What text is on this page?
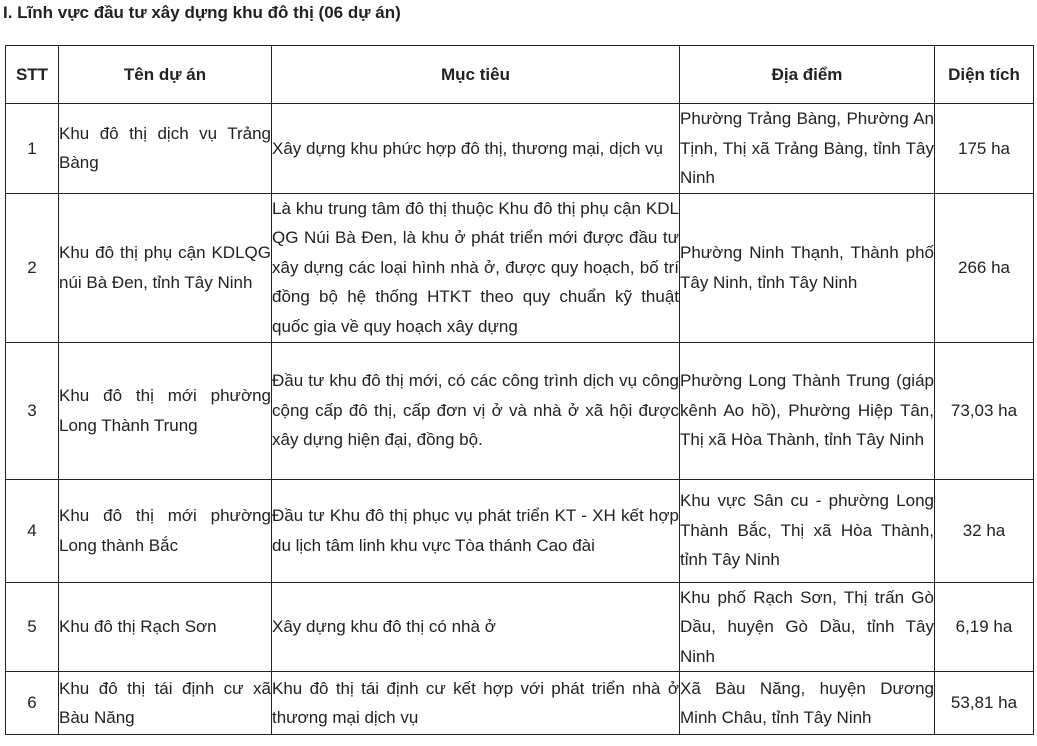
I. Lĩnh vực đầu tư xây dựng khu đô thị (06 dự án)
STT	Tên dự án	Mục tiêu	Địa điểm	Diện tích
1	Khu đô thị dịch vụ Trảng Bàng	Xây dựng khu phức hợp đô thị, thương mại, dịch vụ	Phường Trảng Bàng, Phường An Tịnh, Thị xã Trảng Bàng, tỉnh Tây Ninh	175 ha
2	Khu đô thị phụ cận KDLQG núi Bà Đen, tỉnh Tây Ninh	Là khu trung tâm đô thị thuộc Khu đô thị phụ cận KDL QG Núi Bà Đen, là khu ở phát triển mới được đầu tư xây dựng các loại hình nhà ở, được quy hoạch, bố trí đồng bộ hệ thống HTKT theo quy chuẩn kỹ thuật quốc gia về quy hoạch xây dựng	Phường Ninh Thạnh, Thành phố Tây Ninh, tỉnh Tây Ninh	266 ha
3	Khu đô thị mới phường Long Thành Trung	Đầu tư khu đô thị mới, có các công trình dịch vụ công cộng cấp đô thị, cấp đơn vị ở và nhà ở xã hội được xây dựng hiện đại, đồng bộ.	Phường Long Thành Trung (giáp kênh Ao hồ), Phường Hiệp Tân, Thị xã Hòa Thành, tỉnh Tây Ninh	73,03 ha
4	Khu đô thị mới phường Long thành Bắc	Đầu tư Khu đô thị phục vụ phát triển KT - XH kết hợp du lịch tâm linh khu vực Tòa thánh Cao đài	Khu vực Sân cu - phường Long Thành Bắc, Thị xã Hòa Thành, tỉnh Tây Ninh	32 ha
5	Khu đô thị Rạch Sơn	Xây dựng khu đô thị có nhà ở	Khu phố Rạch Sơn, Thị trấn Gò Dầu, huyện Gò Dầu, tỉnh Tây Ninh	6,19 ha
6	Khu đô thị tái định cư xã Bàu Năng	Khu đô thị tái định cư kết hợp với phát triển nhà ở thương mại dịch vụ	Xã Bàu Năng, huyện Dương Minh Châu, tỉnh Tây Ninh	53,81 ha
